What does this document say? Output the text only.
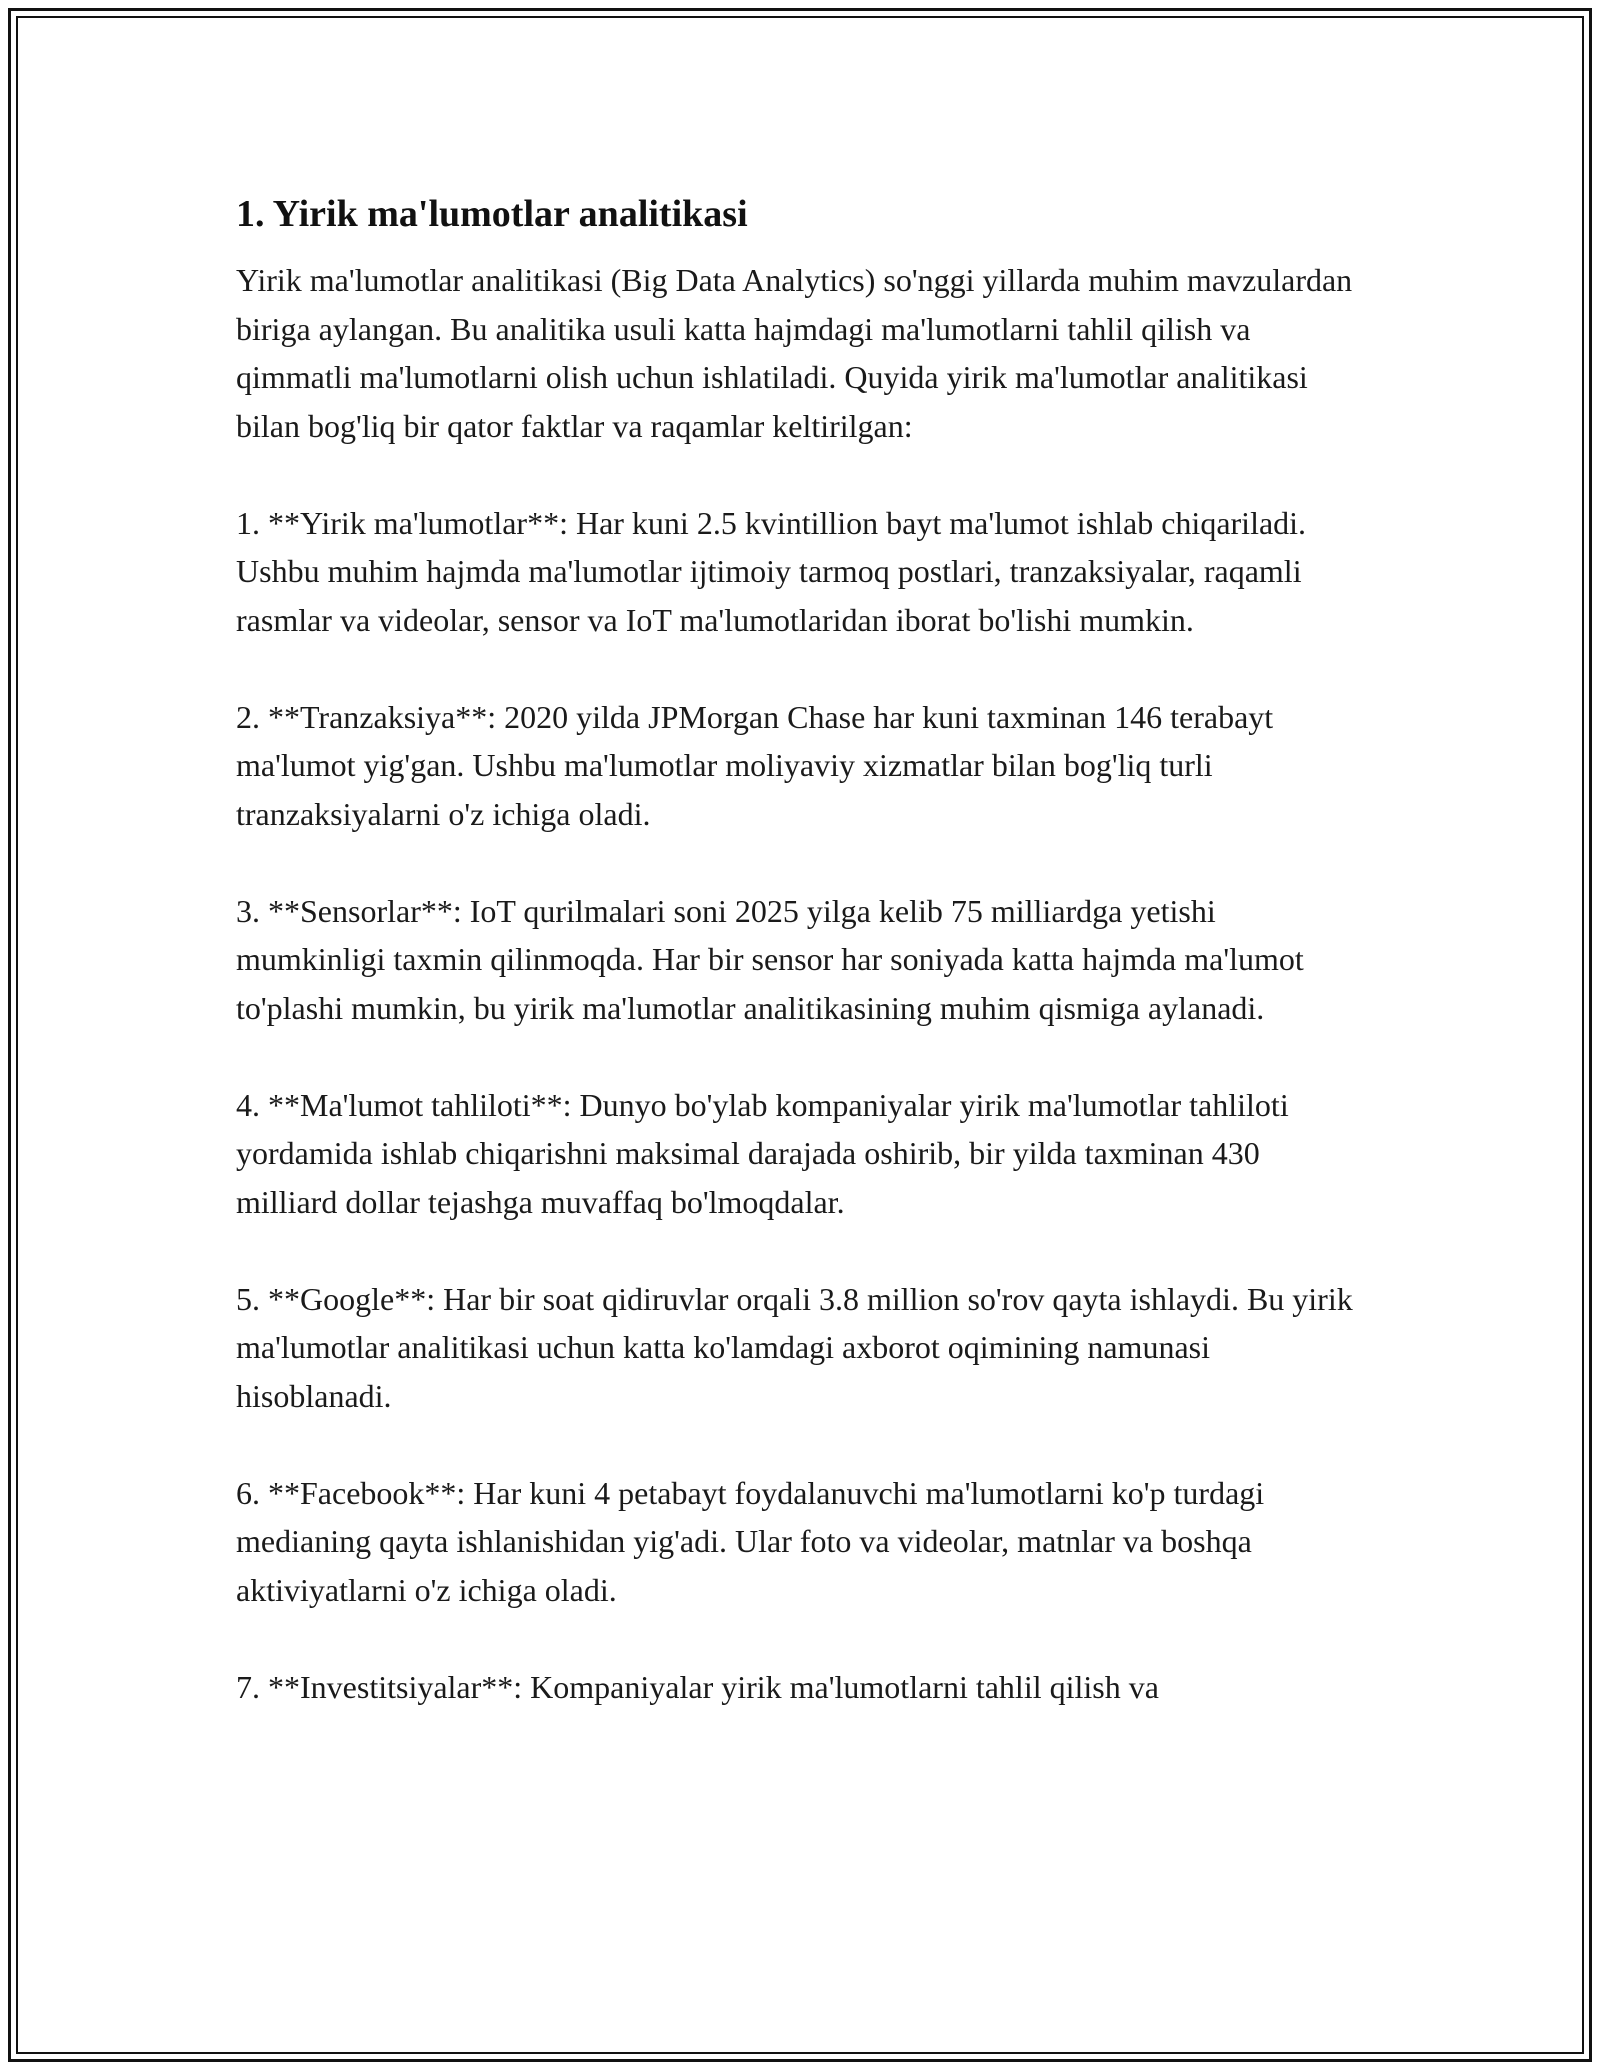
1. Yirik ma'lumotlar analitikasi

Yirik ma'lumotlar analitikasi (Big Data Analytics) so'nggi yillarda muhim mavzulardan biriga aylangan. Bu analitika usuli katta hajmdagi ma'lumotlarni tahlil qilish va qimmatli ma'lumotlarni olish uchun ishlatiladi. Quyida yirik ma'lumotlar analitikasi bilan bog'liq bir qator faktlar va raqamlar keltirilgan:

1. **Yirik ma'lumotlar**: Har kuni 2.5 kvintillion bayt ma'lumot ishlab chiqariladi. Ushbu muhim hajmda ma'lumotlar ijtimoiy tarmoq postlari, tranzaksiyalar, raqamli rasmlar va videolar, sensor va IoT ma'lumotlaridan iborat bo'lishi mumkin.

2. **Tranzaksiya**: 2020 yilda JPMorgan Chase har kuni taxminan 146 terabayt ma'lumot yig'gan. Ushbu ma'lumotlar moliyaviy xizmatlar bilan bog'liq turli tranzaksiyalarni o'z ichiga oladi.

3. **Sensorlar**: IoT qurilmalari soni 2025 yilga kelib 75 milliardga yetishi mumkinligi taxmin qilinmoqda. Har bir sensor har soniyada katta hajmda ma'lumot to'plashi mumkin, bu yirik ma'lumotlar analitikasining muhim qismiga aylanadi.

4. **Ma'lumot tahliloti**: Dunyo bo'ylab kompaniyalar yirik ma'lumotlar tahliloti yordamida ishlab chiqarishni maksimal darajada oshirib, bir yilda taxminan 430 milliard dollar tejashga muvaffaq bo'lmoqdalar.

5. **Google**: Har bir soat qidiruvlar orqali 3.8 million so'rov qayta ishlaydi. Bu yirik ma'lumotlar analitikasi uchun katta ko'lamdagi axborot oqimining namunasi hisoblanadi.

6. **Facebook**: Har kuni 4 petabayt foydalanuvchi ma'lumotlarni ko'p turdagi medianing qayta ishlanishidan yig'adi. Ular foto va videolar, matnlar va boshqa aktiviyatlarni o'z ichiga oladi.

7. **Investitsiyalar**: Kompaniyalar yirik ma'lumotlarni tahlil qilish va
